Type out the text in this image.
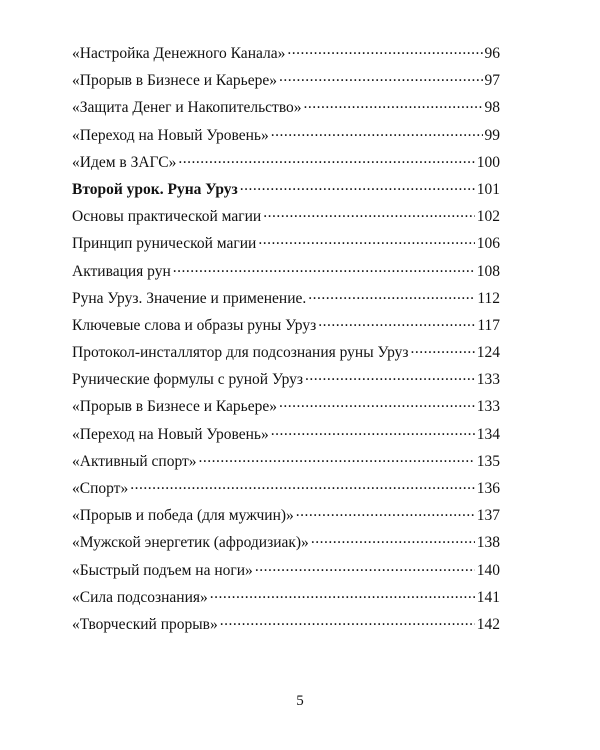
«Настройка Денежного Канала» .....	96
«Прорыв в Бизнесе и Карьере» .....	97
«Защита Денег и Накопительство» .....	98
«Переход на Новый Уровень» .....	99
«Идем в ЗАГС» .....	100
Второй урок. Руна Уруз .....	101
Основы практической магии .....	102
Принцип рунической магии .....	106
Активация рун .....	108
Руна Уруз. Значение и применение. .....	112
Ключевые слова и образы руны Уруз .....	117
Протокол-инсталлятор для подсознания руны Уруз .....	124
Рунические формулы с руной Уруз .....	133
«Прорыв в Бизнесе и Карьере» .....	133
«Переход на Новый Уровень» .....	134
«Активный спорт» .....	135
«Спорт» .....	136
«Прорыв и победа (для мужчин)» .....	137
«Мужской энергетик (афродизиак)» .....	138
«Быстрый подъем на ноги» .....	140
«Сила подсознания» .....	141
«Творческий прорыв» .....	142
5
